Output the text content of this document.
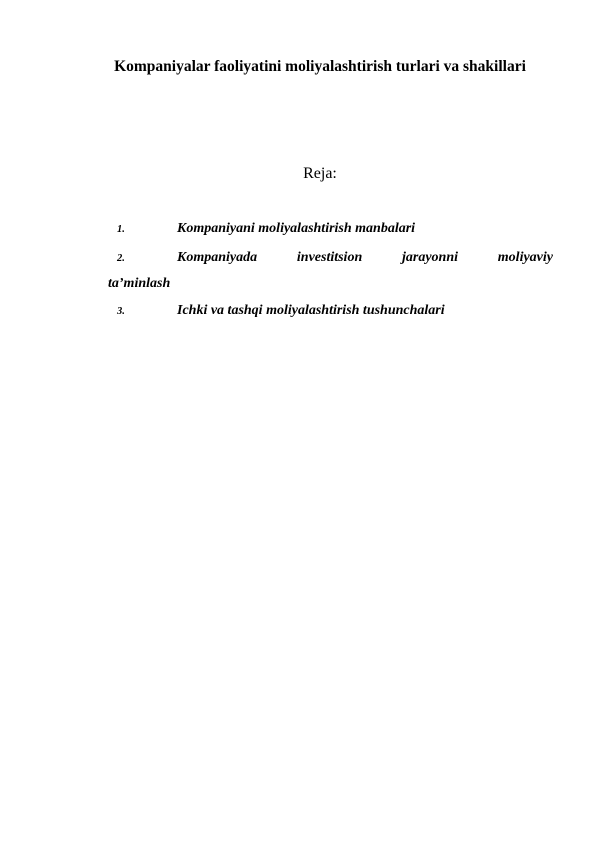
Kompaniyalar faoliyatini moliyalashtirish turlari va shakillari
Reja:
1.	Kompaniyani moliyalashtirish manbalari
2.	Kompaniyada investitsion jarayonni moliyaviy
ta’minlash
3.	Ichki va tashqi moliyalashtirish tushunchalari
